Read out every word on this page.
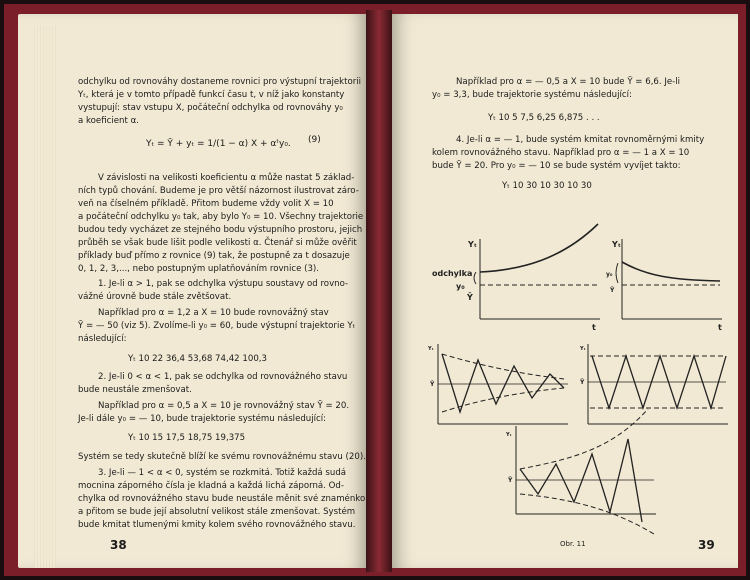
odchylku od rovnováhy dostaneme rovnici pro výstupní trajektorii
Yₜ, která je v tomto případě funkcí času t, v níž jako konstanty
vystupují: stav vstupu X, počáteční odchylka od rovnováhy y₀
a koeficient α.
Yₜ = Ȳ + yₜ = 1/(1 − α) X + αᵗy₀. (9)
V závislosti na velikosti koeficientu α může nastat 5 základ-
ních typů chování. Budeme je pro větší názornost ilustrovat záro-
veň na číselném příkladě. Přitom budeme vždy volit X = 10
a počáteční odchylku y₀ tak, aby bylo Y₀ = 10. Všechny trajektorie
budou tedy vycházet ze stejného bodu výstupního prostoru, jejich
průběh se však bude lišit podle velikosti α. Čtenář si může ověřit
příklady buď přímo z rovnice (9) tak, že postupně za t dosazuje
0, 1, 2, 3,..., nebo postupným uplatňováním rovnice (3).
1. Je-li α > 1, pak se odchylka výstupu soustavy od rovno-
vážné úrovně bude stále zvětšovat.
Například pro α = 1,2 a X = 10 bude rovnovážný stav
Ȳ = — 50 (viz 5). Zvolíme-li y₀ = 60, bude výstupní trajektorie Yₜ
následující:
Yₜ 10 22 36,4 53,68 74,42 100,3
2. Je-li 0 < α < 1, pak se odchylka od rovnovážného stavu
bude neustále zmenšovat.
Například pro α = 0,5 a X = 10 je rovnovážný stav Ȳ = 20.
Je-li dále y₀ = — 10, bude trajektorie systému následující:
Yₜ 10 15 17,5 18,75 19,375
Systém se tedy skutečně blíží ke svému rovnovážnému stavu (20).
3. Je-li — 1 < α < 0, systém se rozkmitá. Totiž každá sudá
mocnina záporného čísla je kladná a každá lichá záporná. Od-
chylka od rovnovážného stavu bude neustále měnit své znaménko
a přitom se bude její absolutní velikost stále zmenšovat. Systém
bude kmitat tlumenými kmity kolem svého rovnovážného stavu.
38
Například pro α = — 0,5 a X = 10 bude Ȳ = 6,6. Je-li
y₀ = 3,3, bude trajektorie systému následující:
Yₜ 10 5 7,5 6,25 6,875 . . .
4. Je-li α = — 1, bude systém kmitat rovnoměrnými kmity
kolem rovnovážného stavu. Například pro α = — 1 a X = 10
bude Ȳ = 20. Pro y₀ = — 10 se bude systém vyvíjet takto:
Yₜ 10 30 10 30 10 30
Yₜ
odchylka
y₀
Ȳ
t
Yₜ
y₀
Ȳ
t
Yₜ
Ȳ
Yₜ
Ȳ
Yₜ
Ȳ
Obr. 11	39
